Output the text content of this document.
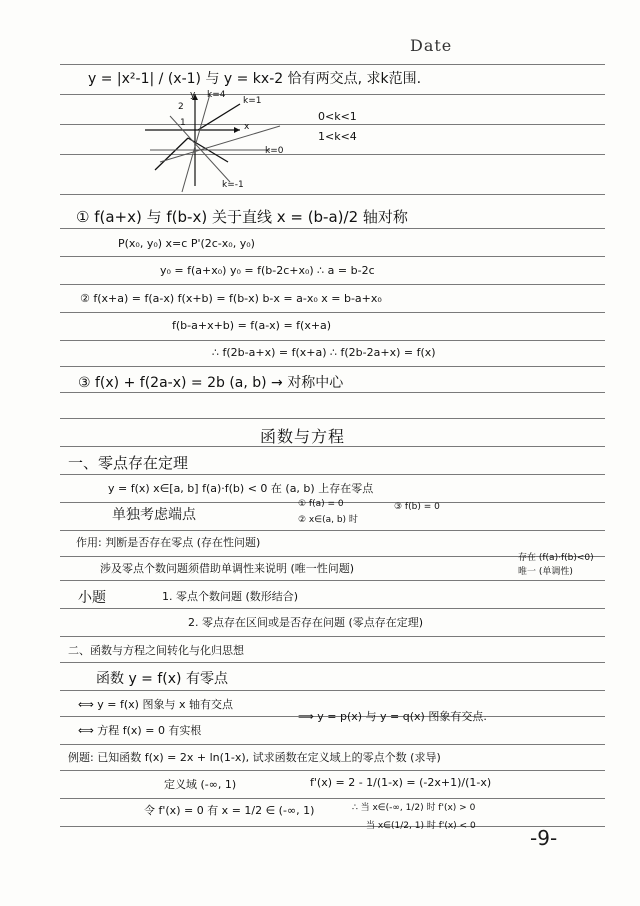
Date
y = |x²-1| / (x-1) 与 y = kx-2 恰有两交点, 求k范围.
y k=4
2
1
k=1
x
k=0
k=-1
0<k<1
1<k<4
① f(a+x) 与 f(b-x) 关于直线 x = (b-a)/2 轴对称
P(x₀, y₀) x=c P'(2c-x₀, y₀)
y₀ = f(a+x₀) y₀ = f(b-2c+x₀) ∴ a = b-2c
② f(x+a) = f(a-x) f(x+b) = f(b-x) b-x = a-x₀ x = b-a+x₀
f(b-a+x+b) = f(a-x) = f(x+a)
∴ f(2b-a+x) = f(x+a) ∴ f(2b-2a+x) = f(x)
③ f(x) + f(2a-x) = 2b (a, b) → 对称中心
函数与方程
一、零点存在定理
y = f(x) x∈[a, b] f(a)·f(b) < 0 在 (a, b) 上存在零点
单独考虑端点
① f(a) = 0
② x∈(a, b) 时
③ f(b) = 0
作用: 判断是否存在零点 (存在性问题)
涉及零点个数问题须借助单调性来说明 (唯一性问题)
存在 (f(a)·f(b)<0)
唯一 (单调性)
小题	1. 零点个数问题 (数形结合)
2. 零点存在区间或是否存在问题 (零点存在定理)
二、函数与方程之间转化与化归思想
函数 y = f(x) 有零点
⟺ y = f(x) 图象与 x 轴有交点
⟹ y = p(x) 与 y = q(x) 图象有交点.
⟺ 方程 f(x) = 0 有实根
例题: 已知函数 f(x) = 2x + ln(1-x), 试求函数在定义域上的零点个数 (求导)
定义域 (-∞, 1)	f'(x) = 2 - 1/(1-x) = (-2x+1)/(1-x)
令 f'(x) = 0 有 x = 1/2 ∈ (-∞, 1)	∴ 当 x∈(-∞, 1/2) 时 f'(x) > 0
当 x∈(1/2, 1) 时 f'(x) < 0	-9-
